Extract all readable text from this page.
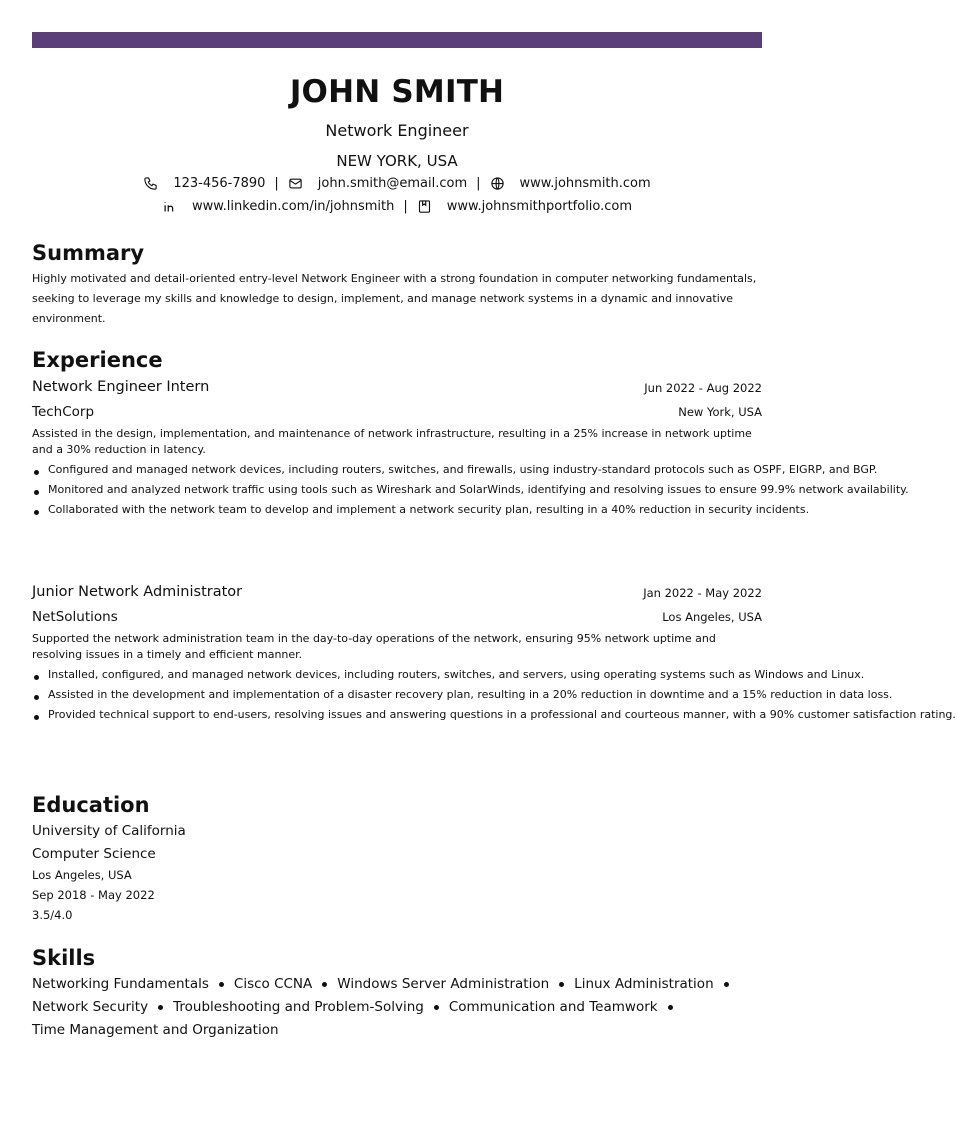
JOHN SMITH
Network Engineer
NEW YORK, USA
123-456-7890 |	john.smith@email.com |	www.johnsmith.com
www.linkedin.com/in/johnsmith |	www.johnsmithportfolio.com
Summary
Highly motivated and detail-oriented entry-level Network Engineer with a strong foundation in computer networking fundamentals, seeking to leverage my skills and knowledge to design, implement, and manage network systems in a dynamic and innovative environment.
Experience
Network Engineer Intern	Jun 2022 - Aug 2022
TechCorp	New York, USA
Assisted in the design, implementation, and maintenance of network infrastructure, resulting in a 25% increase in network uptime and a 30% reduction in latency.
Configured and managed network devices, including routers, switches, and firewalls, using industry-standard protocols such as OSPF, EIGRP, and BGP.
Monitored and analyzed network traffic using tools such as Wireshark and SolarWinds, identifying and resolving issues to ensure 99.9% network availability.
Collaborated with the network team to develop and implement a network security plan, resulting in a 40% reduction in security incidents.
Junior Network Administrator	Jan 2022 - May 2022
NetSolutions	Los Angeles, USA
Supported the network administration team in the day-to-day operations of the network, ensuring 95% network uptime and resolving issues in a timely and efficient manner.
Installed, configured, and managed network devices, including routers, switches, and servers, using operating systems such as Windows and Linux.
Assisted in the development and implementation of a disaster recovery plan, resulting in a 20% reduction in downtime and a 15% reduction in data loss.
Provided technical support to end-users, resolving issues and answering questions in a professional and courteous manner, with a 90% customer satisfaction rating.
Education
University of California
Computer Science
Los Angeles, USA
Sep 2018 - May 2022
3.5/4.0
Skills
Networking Fundamentals Cisco CCNA Windows Server Administration Linux Administration
Network Security Troubleshooting and Problem-Solving Communication and Teamwork
Time Management and Organization
